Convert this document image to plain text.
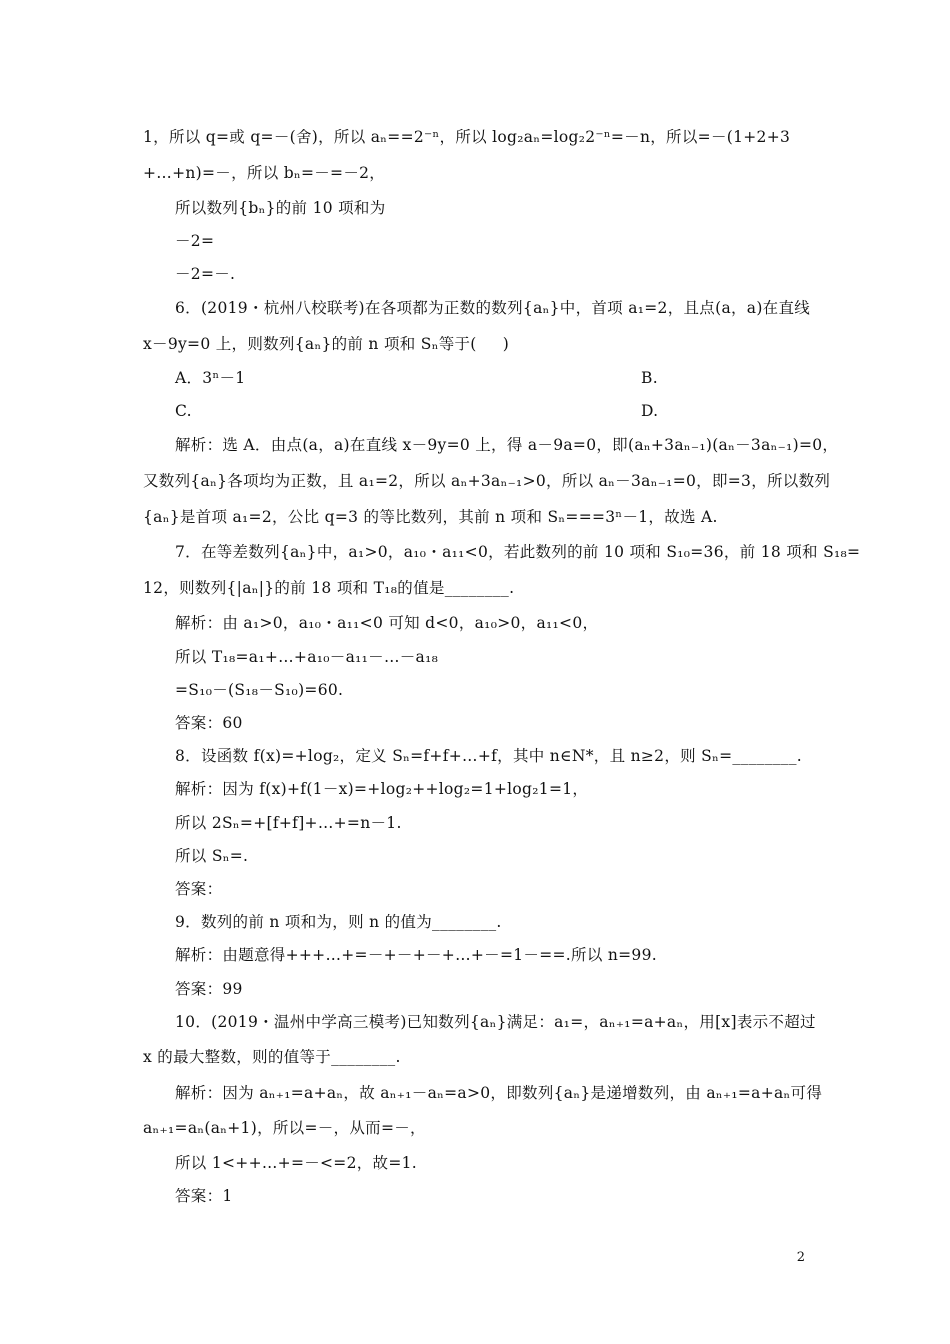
1，所以 q=或 q=－(舍)，所以 aₙ==2⁻ⁿ，所以 log₂aₙ=log₂2⁻ⁿ=－n，所以=－(1+2+3
+…+n)=－，所以 bₙ=－=－2，
所以数列{bₙ}的前 10 项和为
－2=
－2=－.
6．(2019・杭州八校联考)在各项都为正数的数列{aₙ}中，首项 a₁=2，且点(a，a)在直线
x－9y=0 上，则数列{aₙ}的前 n 项和 Sₙ等于(     )
A．3ⁿ－1	B.
C.	D.
解析：选 A．由点(a，a)在直线 x－9y=0 上，得 a－9a=0，即(aₙ+3aₙ₋₁)(aₙ－3aₙ₋₁)=0，
又数列{aₙ}各项均为正数，且 a₁=2，所以 aₙ+3aₙ₋₁>0，所以 aₙ－3aₙ₋₁=0，即=3，所以数列
{aₙ}是首项 a₁=2，公比 q=3 的等比数列，其前 n 项和 Sₙ===3ⁿ－1，故选 A.
7．在等差数列{aₙ}中，a₁>0，a₁₀・a₁₁<0，若此数列的前 10 项和 S₁₀=36，前 18 项和 S₁₈=
12，则数列{|aₙ|}的前 18 项和 T₁₈的值是________.
解析：由 a₁>0，a₁₀・a₁₁<0 可知 d<0，a₁₀>0，a₁₁<0，
所以 T₁₈=a₁+…+a₁₀－a₁₁－…－a₁₈
=S₁₀－(S₁₈－S₁₀)=60.
答案：60
8．设函数 f(x)=+log₂，定义 Sₙ=f+f+…+f，其中 n∈N*，且 n≥2，则 Sₙ=________.
解析：因为 f(x)+f(1－x)=+log₂++log₂=1+log₂1=1，
所以 2Sₙ=+[f+f]+…+=n－1.
所以 Sₙ=.
答案：
9．数列的前 n 项和为，则 n 的值为________.
解析：由题意得+++…+=－+－+－+…+－=1－==.所以 n=99.
答案：99
10．(2019・温州中学高三模考)已知数列{aₙ}满足：a₁=，aₙ₊₁=a+aₙ，用[x]表示不超过
x 的最大整数，则的值等于________.
解析：因为 aₙ₊₁=a+aₙ，故 aₙ₊₁－aₙ=a>0，即数列{aₙ}是递增数列，由 aₙ₊₁=a+aₙ可得
aₙ₊₁=aₙ(aₙ+1)，所以=－，从而=－，
所以 1<++…+=－<=2，故=1.
答案：1
2
